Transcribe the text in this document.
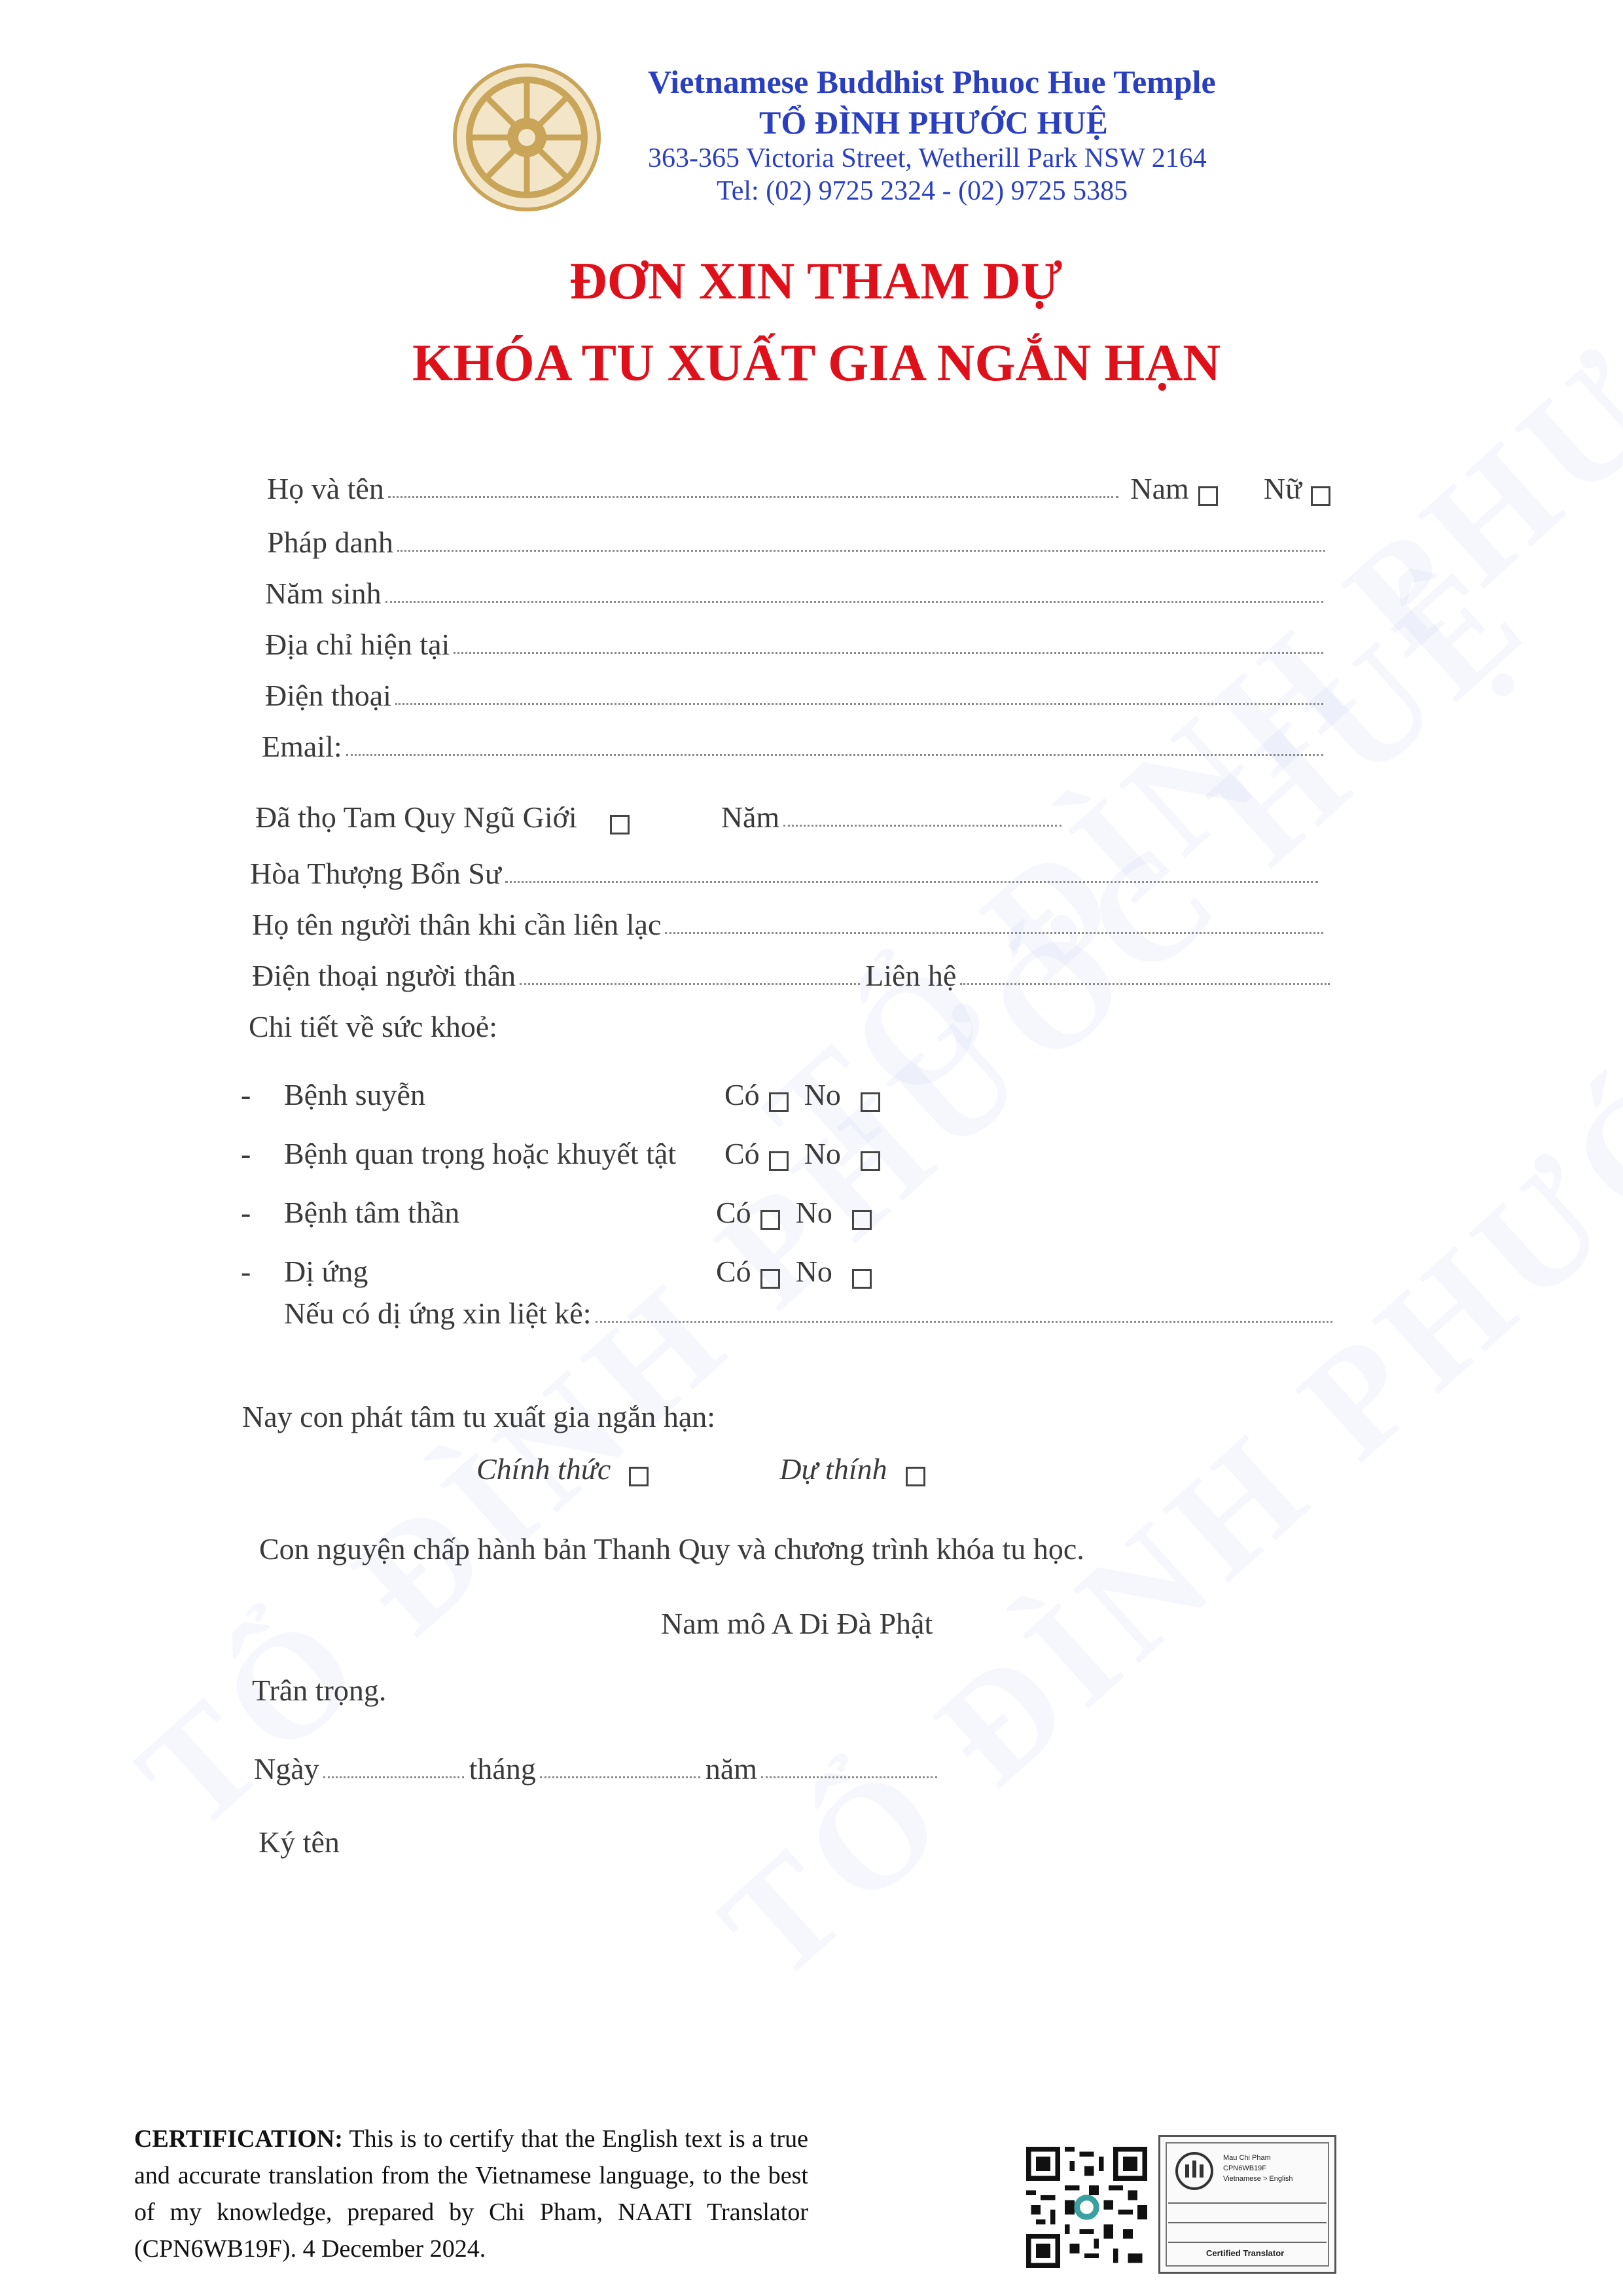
Vietnamese Buddhist Phuoc Hue Temple
TỔ ĐÌNH PHƯỚC HUỆ
363-365 Victoria Street, Wetherill Park NSW 2164
Tel: (02) 9725 2324 - (02) 9725 5385
ĐƠN XIN THAM DỰ
KHÓA TU XUẤT GIA NGẮN HẠN
Họ và tên	Nam Nữ
Pháp danh
Năm sinh
Địa chỉ hiện tại
Điện thoại
Email:
Đã thọ Tam Quy Ngũ Giới	Năm
Hòa Thượng Bổn Sư
Họ tên người thân khi cần liên lạc
Điện thoại người thân	Liên hệ
Chi tiết về sức khoẻ:
-	Bệnh suyễn	Có No
-	Bệnh quan trọng hoặc khuyết tật	Có No
-	Bệnh tâm thần	Có No
-	Dị ứng	Có No
Nếu có dị ứng xin liệt kê :
Nay con phát tâm tu xuất gia ngắn hạn:
Chính thức	Dự thính
Con nguyện chấp hành bản Thanh Quy và chương trình khóa tu học.
Nam mô A Di Đà Phật
Trân trọng.
Ngày	tháng	năm
Ký tên
CERTIFICATION: This is to certify that the English text is a true and accurate translation from the Vietnamese language, to the best of my knowledge, prepared by Chi Pham, NAATI Translator (CPN6WB19F). 4 December 2024.
Mau Chi Pham
CPN6WB19F
Vietnamese > English
Certified Translator
